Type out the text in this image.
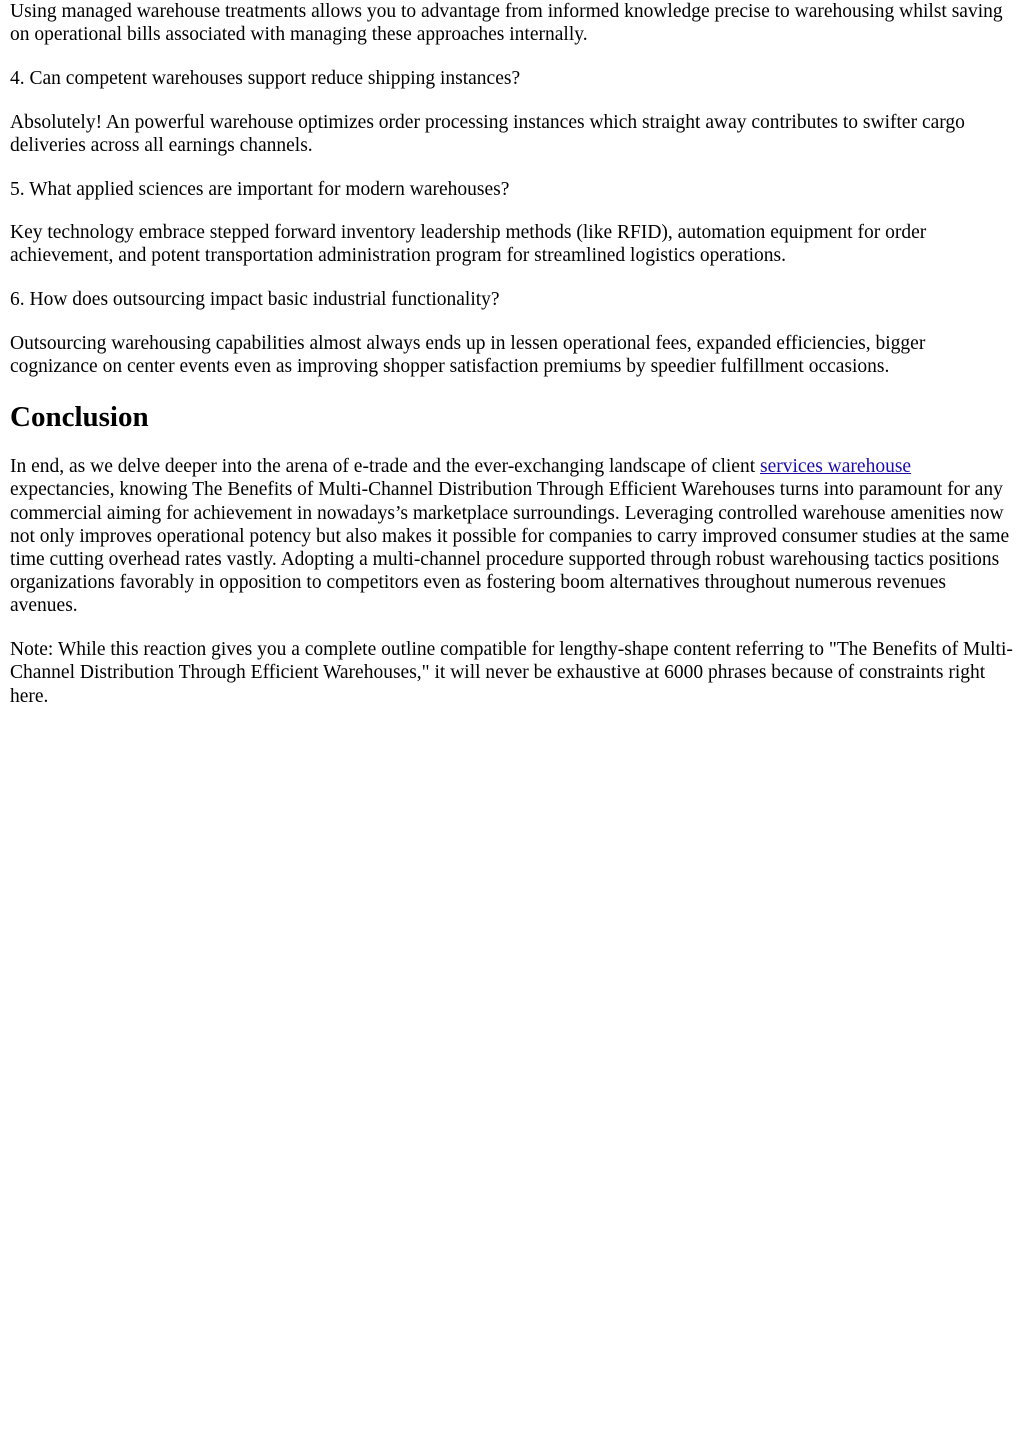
Using managed warehouse treatments allows you to advantage from informed knowledge precise to warehousing whilst saving on operational bills associated with managing these approaches internally.

4. Can competent warehouses support reduce shipping instances?

Absolutely! An powerful warehouse optimizes order processing instances which straight away contributes to swifter cargo deliveries across all earnings channels.

5. What applied sciences are important for modern warehouses?

Key technology embrace stepped forward inventory leadership methods (like RFID), automation equipment for order achievement, and potent transportation administration program for streamlined logistics operations.

6. How does outsourcing impact basic industrial functionality?

Outsourcing warehousing capabilities almost always ends up in lessen operational fees, expanded efficiencies, bigger cognizance on center events even as improving shopper satisfaction premiums by speedier fulfillment occasions.

Conclusion

In end, as we delve deeper into the arena of e-trade and the ever-exchanging landscape of client services warehouse expectancies, knowing The Benefits of Multi-Channel Distribution Through Efficient Warehouses turns into paramount for any commercial aiming for achievement in nowadays’s marketplace surroundings. Leveraging controlled warehouse amenities now not only improves operational potency but also makes it possible for companies to carry improved consumer studies at the same time cutting overhead rates vastly. Adopting a multi-channel procedure supported through robust warehousing tactics positions organizations favorably in opposition to competitors even as fostering boom alternatives throughout numerous revenues avenues.

Note: While this reaction gives you a complete outline compatible for lengthy-shape content referring to "The Benefits of Multi-Channel Distribution Through Efficient Warehouses," it will never be exhaustive at 6000 phrases because of constraints right here.
